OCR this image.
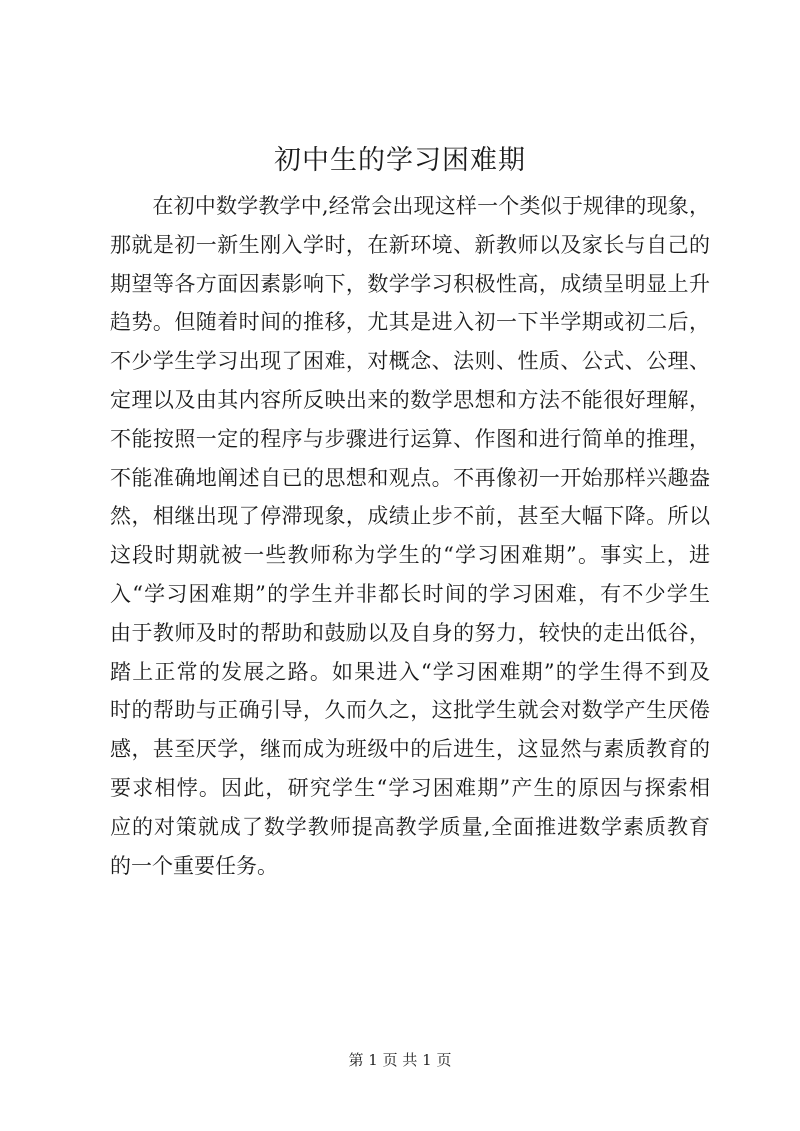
初中生的学习困难期
　　在初中数学教学中,经常会出现这样一个类似于规律的现象，
那就是初一新生刚入学时，在新环境、新教师以及家长与自己的
期望等各方面因素影响下，数学学习积极性高，成绩呈明显上升
趋势。但随着时间的推移，尤其是进入初一下半学期或初二后，
不少学生学习出现了困难，对概念、法则、性质、公式、公理、
定理以及由其内容所反映出来的数学思想和方法不能很好理解，
不能按照一定的程序与步骤进行运算、作图和进行简单的推理，
不能准确地阐述自已的思想和观点。不再像初一开始那样兴趣盎
然，相继出现了停滞现象，成绩止步不前，甚至大幅下降。所以
这段时期就被一些教师称为学生的“学习困难期”。事实上，进
入“学习困难期”的学生并非都长时间的学习困难，有不少学生
由于教师及时的帮助和鼓励以及自身的努力，较快的走出低谷，
踏上正常的发展之路。如果进入“学习困难期”的学生得不到及
时的帮助与正确引导，久而久之，这批学生就会对数学产生厌倦
感，甚至厌学，继而成为班级中的后进生，这显然与素质教育的
要求相悖。因此，研究学生“学习困难期”产生的原因与探索相
应的对策就成了数学教师提高教学质量,全面推进数学素质教育
的一个重要任务。
第 1 页 共 1 页
